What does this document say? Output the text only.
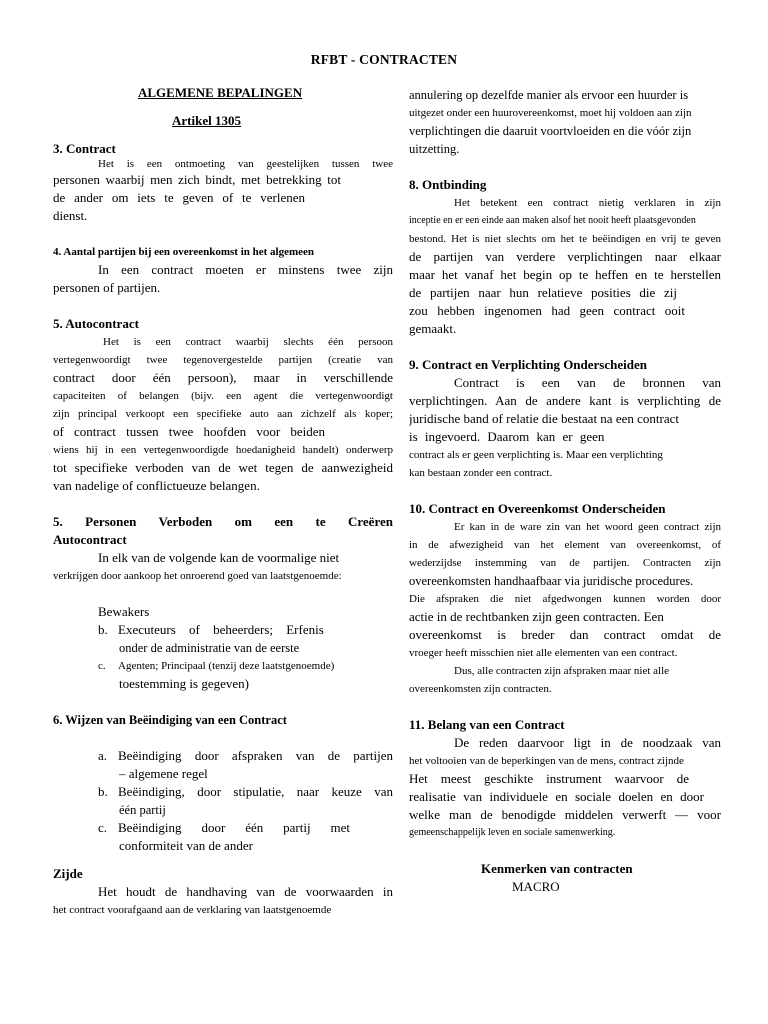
RFBT - CONTRACTEN
ALGEMENE BEPALINGEN
Artikel 1305
3. Contract
Het is een ontmoeting van geestelijken tussen twee
personen waarbij men zich bindt, met betrekking tot
de ander om iets te geven of te verlenen
dienst.
4. Aantal partijen bij een overeenkomst in het algemeen
In een contract moeten er minstens twee zijn
personen of partijen.
5. Autocontract
Het is een contract waarbij slechts één persoon
vertegenwoordigt twee tegenovergestelde partijen (creatie van
contract door één persoon), maar in verschillende
capaciteiten of belangen (bijv. een agent die vertegenwoordigt
zijn principal verkoopt een specifieke auto aan zichzelf als koper;
of contract tussen twee hoofden voor beiden
wiens hij in een vertegenwoordigde hoedanigheid handelt) onderwerp
tot specifieke verboden van de wet tegen de aanwezigheid
van nadelige of conflictueuze belangen.
5. Personen Verboden om een te Creëren
Autocontract
In elk van de volgende kan de voormalige niet
verkrijgen door aankoop het onroerend goed van laatstgenoemde:
Bewakers
b. Executeurs of beheerders; Erfenis
onder de administratie van de eerste
c.	Agenten; Principaal (tenzij deze laatstgenoemde)
toestemming is gegeven)
6. Wijzen van Beëindiging van een Contract
a. Beëindiging door afspraken van de partijen
– algemene regel
b. Beëindiging, door stipulatie, naar keuze van
één partij
c. Beëindiging door één partij met
conformiteit van de ander
Zijde
Het houdt de handhaving van de voorwaarden in
het contract voorafgaand aan de verklaring van laatstgenoemde
annulering op dezelfde manier als ervoor een huurder is
uitgezet onder een huurovereenkomst, moet hij voldoen aan zijn
verplichtingen die daaruit voortvloeiden en die vóór zijn
uitzetting.
8. Ontbinding
Het betekent een contract nietig verklaren in zijn
inceptie en er een einde aan maken alsof het nooit heeft plaatsgevonden
bestond. Het is niet slechts om het te beëindigen en vrij te geven
de partijen van verdere verplichtingen naar elkaar
maar het vanaf het begin op te heffen en te herstellen
de partijen naar hun relatieve posities die zij
zou hebben ingenomen had geen contract ooit
gemaakt.
9. Contract en Verplichting Onderscheiden
Contract is een van de bronnen van
verplichtingen. Aan de andere kant is verplichting de
juridische band of relatie die bestaat na een contract
is ingevoerd. Daarom kan er geen
contract als er geen verplichting is. Maar een verplichting
kan bestaan zonder een contract.
10. Contract en Overeenkomst Onderscheiden
Er kan in de ware zin van het woord geen contract zijn
in de afwezigheid van het element van overeenkomst, of
wederzijdse instemming van de partijen. Contracten zijn
overeenkomsten handhaafbaar via juridische procedures.
Die afspraken die niet afgedwongen kunnen worden door
actie in de rechtbanken zijn geen contracten. Een
overeenkomst is breder dan contract omdat de
vroeger heeft misschien niet alle elementen van een contract.
Dus, alle contracten zijn afspraken maar niet alle
overeenkomsten zijn contracten.
11. Belang van een Contract
De reden daarvoor ligt in de noodzaak van
het voltooien van de beperkingen van de mens, contract zijnde
Het meest geschikte instrument waarvoor de
realisatie van individuele en sociale doelen en door
welke man de benodigde middelen verwerft — voor
gemeenschappelijk leven en sociale samenwerking.
Kenmerken van contracten
MACRO
